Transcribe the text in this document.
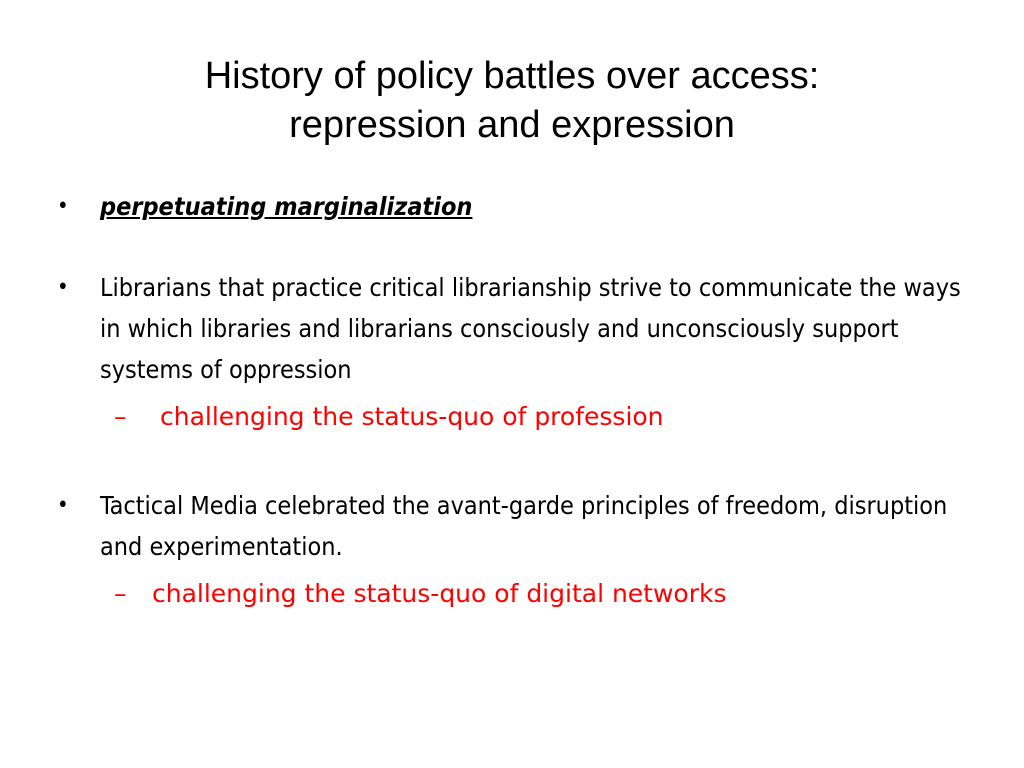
History of policy battles over access:
repression and expression
•	perpetuating marginalization
•	Librarians that practice critical librarianship strive to communicate the ways in which libraries and librarians consciously and unconsciously support systems of oppression
– challenging the status-quo of profession
•	Tactical Media celebrated the avant-garde principles of freedom, disruption and experimentation.
– challenging the status-quo of digital networks
